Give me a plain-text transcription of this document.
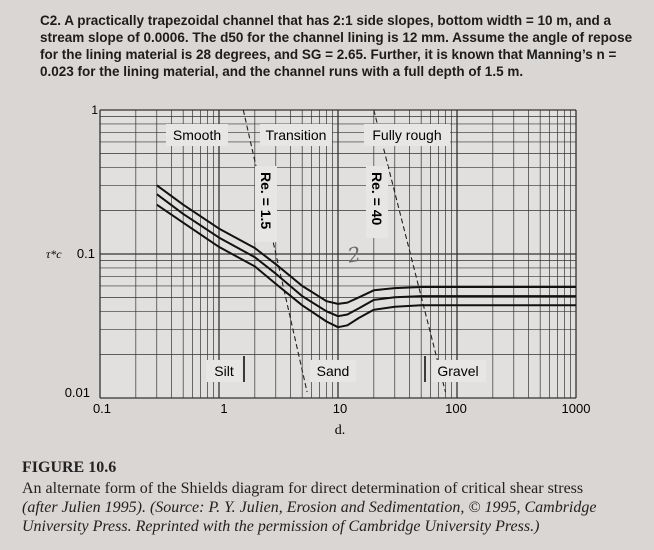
C2. A practically trapezoidal channel that has 2:1 side slopes, bottom width = 10 m, and a

stream slope of 0.0006. The d50 for the channel lining is 12 mm. Assume the angle of repose

for the lining material is 28 degrees, and SG = 2.65. Further, it is known that Manning’s n =

0.023 for the lining material, and the channel runs with a full depth of 1.5 m.

1
0.1
0.01
τ*c
0.1	1	10	100	1000
d.
Smooth	Transition	Fully rough
Silt	Sand	Gravel
Re. = 1.5	Re. = 40
2
FIGURE 10.6
An alternate form of the Shields diagram for direct determination of critical shear stress
(after Julien 1995). (Source: P. Y. Julien, Erosion and Sedimentation, © 1995, Cambridge
University Press. Reprinted with the permission of Cambridge University Press.)
